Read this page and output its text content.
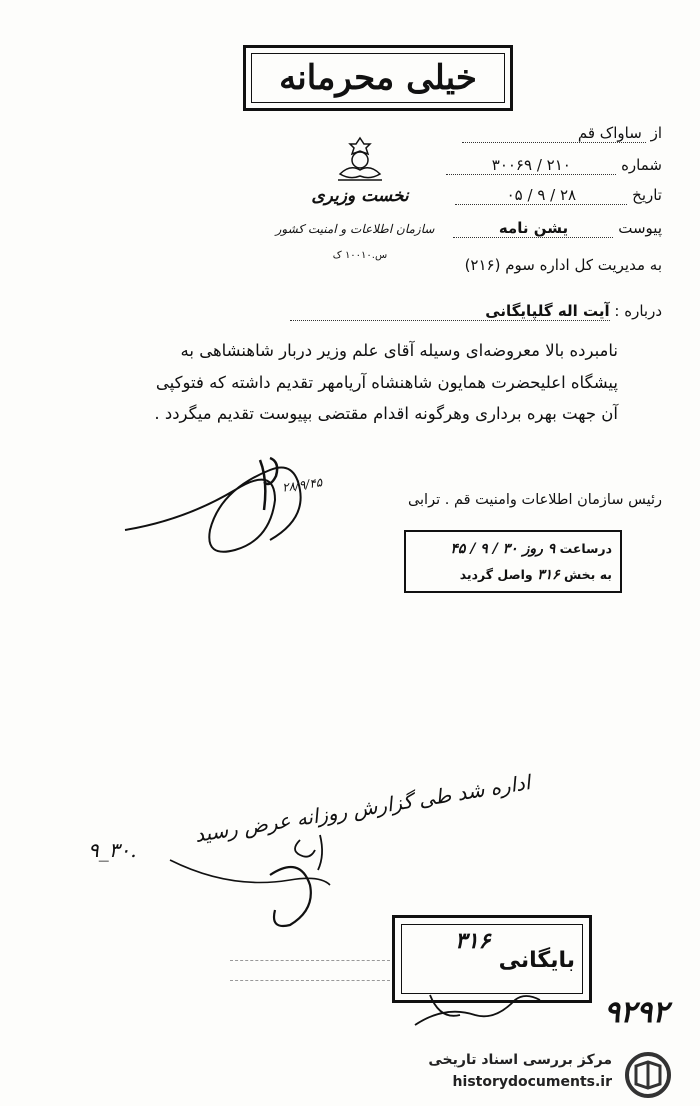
خیلی محرمانه
از ساواک قم
شماره ۲۱۰ / ۳۰۰۶۹
تاریخ ۲۸ / ۹ / ۰۵
پیوست یشن نامه
نخست وزیری
سازمان اطلاعات و امنیت کشور
س.۱۰۰۱۰ ک
به مدیریت کل اداره سوم (۲۱۶)
درباره : آیت اله گلپایگانی
نامبرده بالا معروضه‌ای وسیله آقای علم وزیر دربار شاهنشاهی به
پیشگاه اعلیحضرت همایون شاهنشاه آریامهر تقدیم داشته که فتوکپی
آن جهت بهره برداری وهرگونه اقدام مقتضی بپیوست تقدیم میگردد .
۲۸/۹/۴۵
رئیس سازمان اطلاعات وامنیت قم . ترابی
درساعت ۹ روز ۳۰ / ۹ / ۴۵
به بخش ۳۱۶ واصل گردید
اداره شد طی گزارش روزانه عرض رسید
۹_۳۰.
۳۱۶
بایگانی
۹۲۹۲
مرکز بررسی اسناد تاریخی
historydocuments.ir
